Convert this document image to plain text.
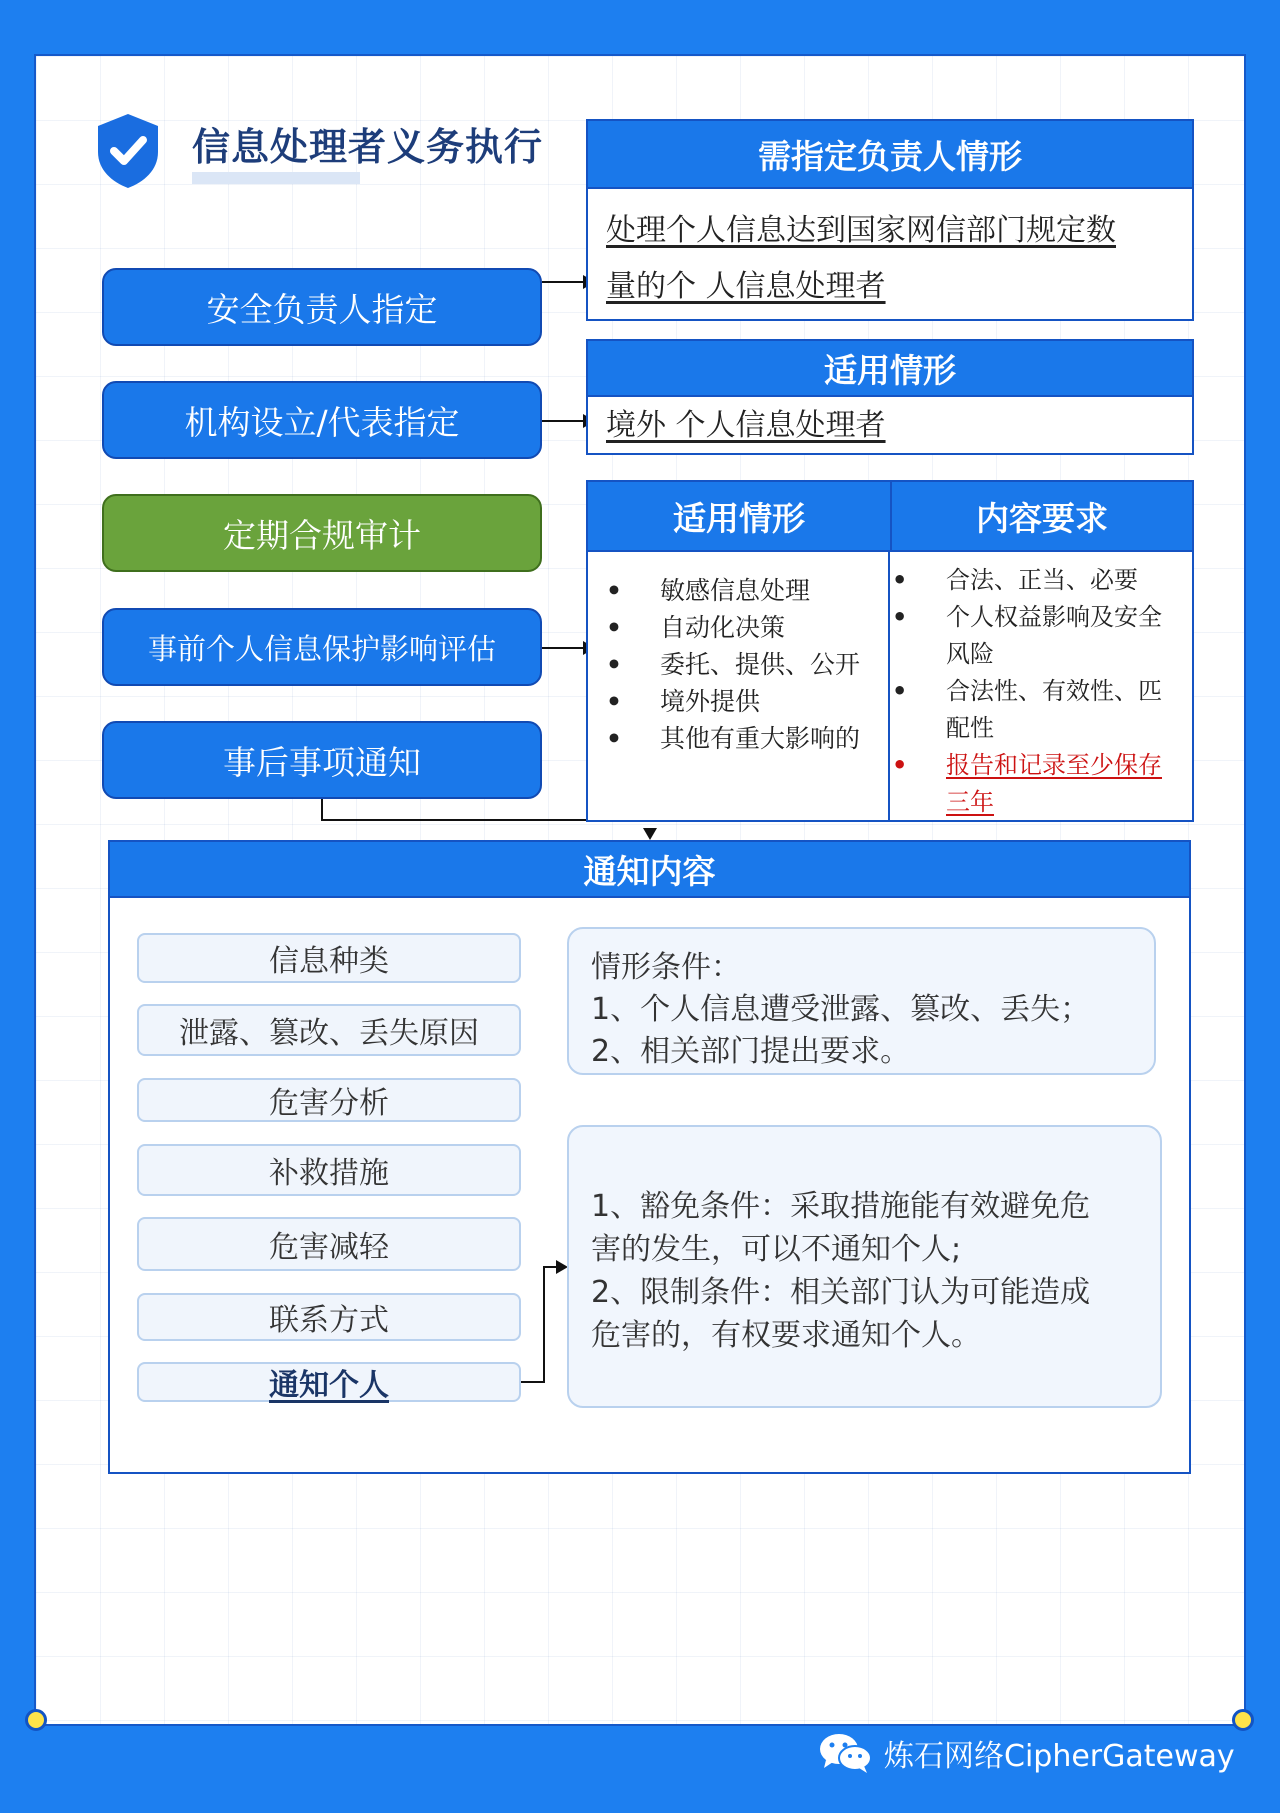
信息处理者义务执行
安全负责人指定
机构设立/代表指定
定期合规审计
事前个人信息保护影响评估
事后事项通知
需指定负责人情形
处理个人信息达到国家网信部门规定数
量的个 人信息处理者
适用情形
境外 个人信息处理者
适用情形	内容要求
• 敏感信息处理
• 自动化决策
• 委托、提供、公开
• 境外提供
• 其他有重大影响的
• 合法、正当、必要
• 个人权益影响及安全风险
• 合法性、有效性、匹配性
• 报告和记录至少保存三年
通知内容
信息种类
泄露、篡改、丢失原因
危害分析
补救措施
危害减轻
联系方式
通知个人
情形条件：
1、个人信息遭受泄露、篡改、丢失；
2、相关部门提出要求。
1、豁免条件：采取措施能有效避免危
害的发生，可以不通知个人;
2、限制条件：相关部门认为可能造成
危害的，有权要求通知个人。
炼石网络CipherGateway
